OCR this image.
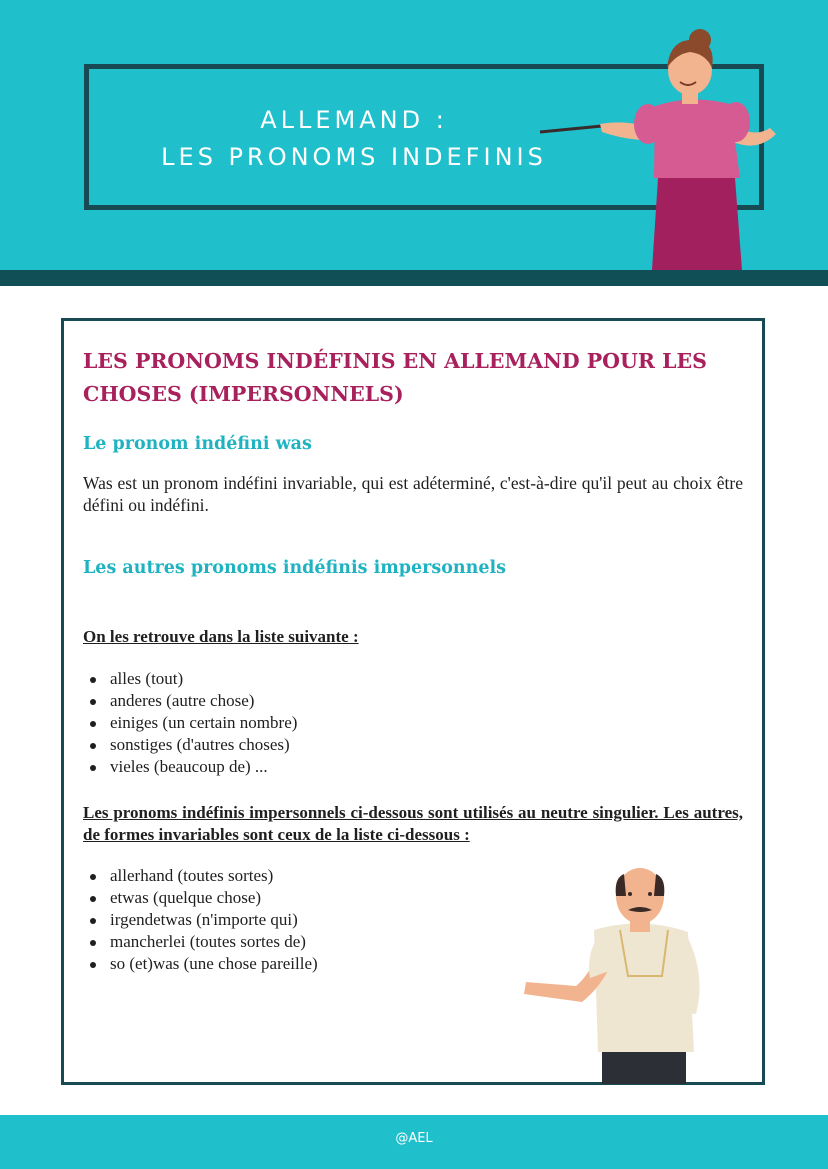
ALLEMAND :
LES PRONOMS INDEFINIS
LES PRONOMS INDÉFINIS EN ALLEMAND POUR LES CHOSES (IMPERSONNELS)
Le pronom indéfini was

Was est un pronom indéfini invariable, qui est adéterminé, c'est-à-dire qu'il peut au choix être défini ou indéfini.

Les autres pronoms indéfinis impersonnels
On les retrouve dans la liste suivante :
alles (tout)
anderes (autre chose)
einiges (un certain nombre)
sonstiges (d'autres choses)
vieles (beaucoup de) ...
Les pronoms indéfinis impersonnels ci-dessous sont utilisés au neutre singulier. Les autres, de formes invariables sont ceux de la liste ci-dessous :
allerhand (toutes sortes)
etwas (quelque chose)
irgendetwas (n'importe qui)
mancherlei (toutes sortes de)
so (et)was (une chose pareille)
@AEL
